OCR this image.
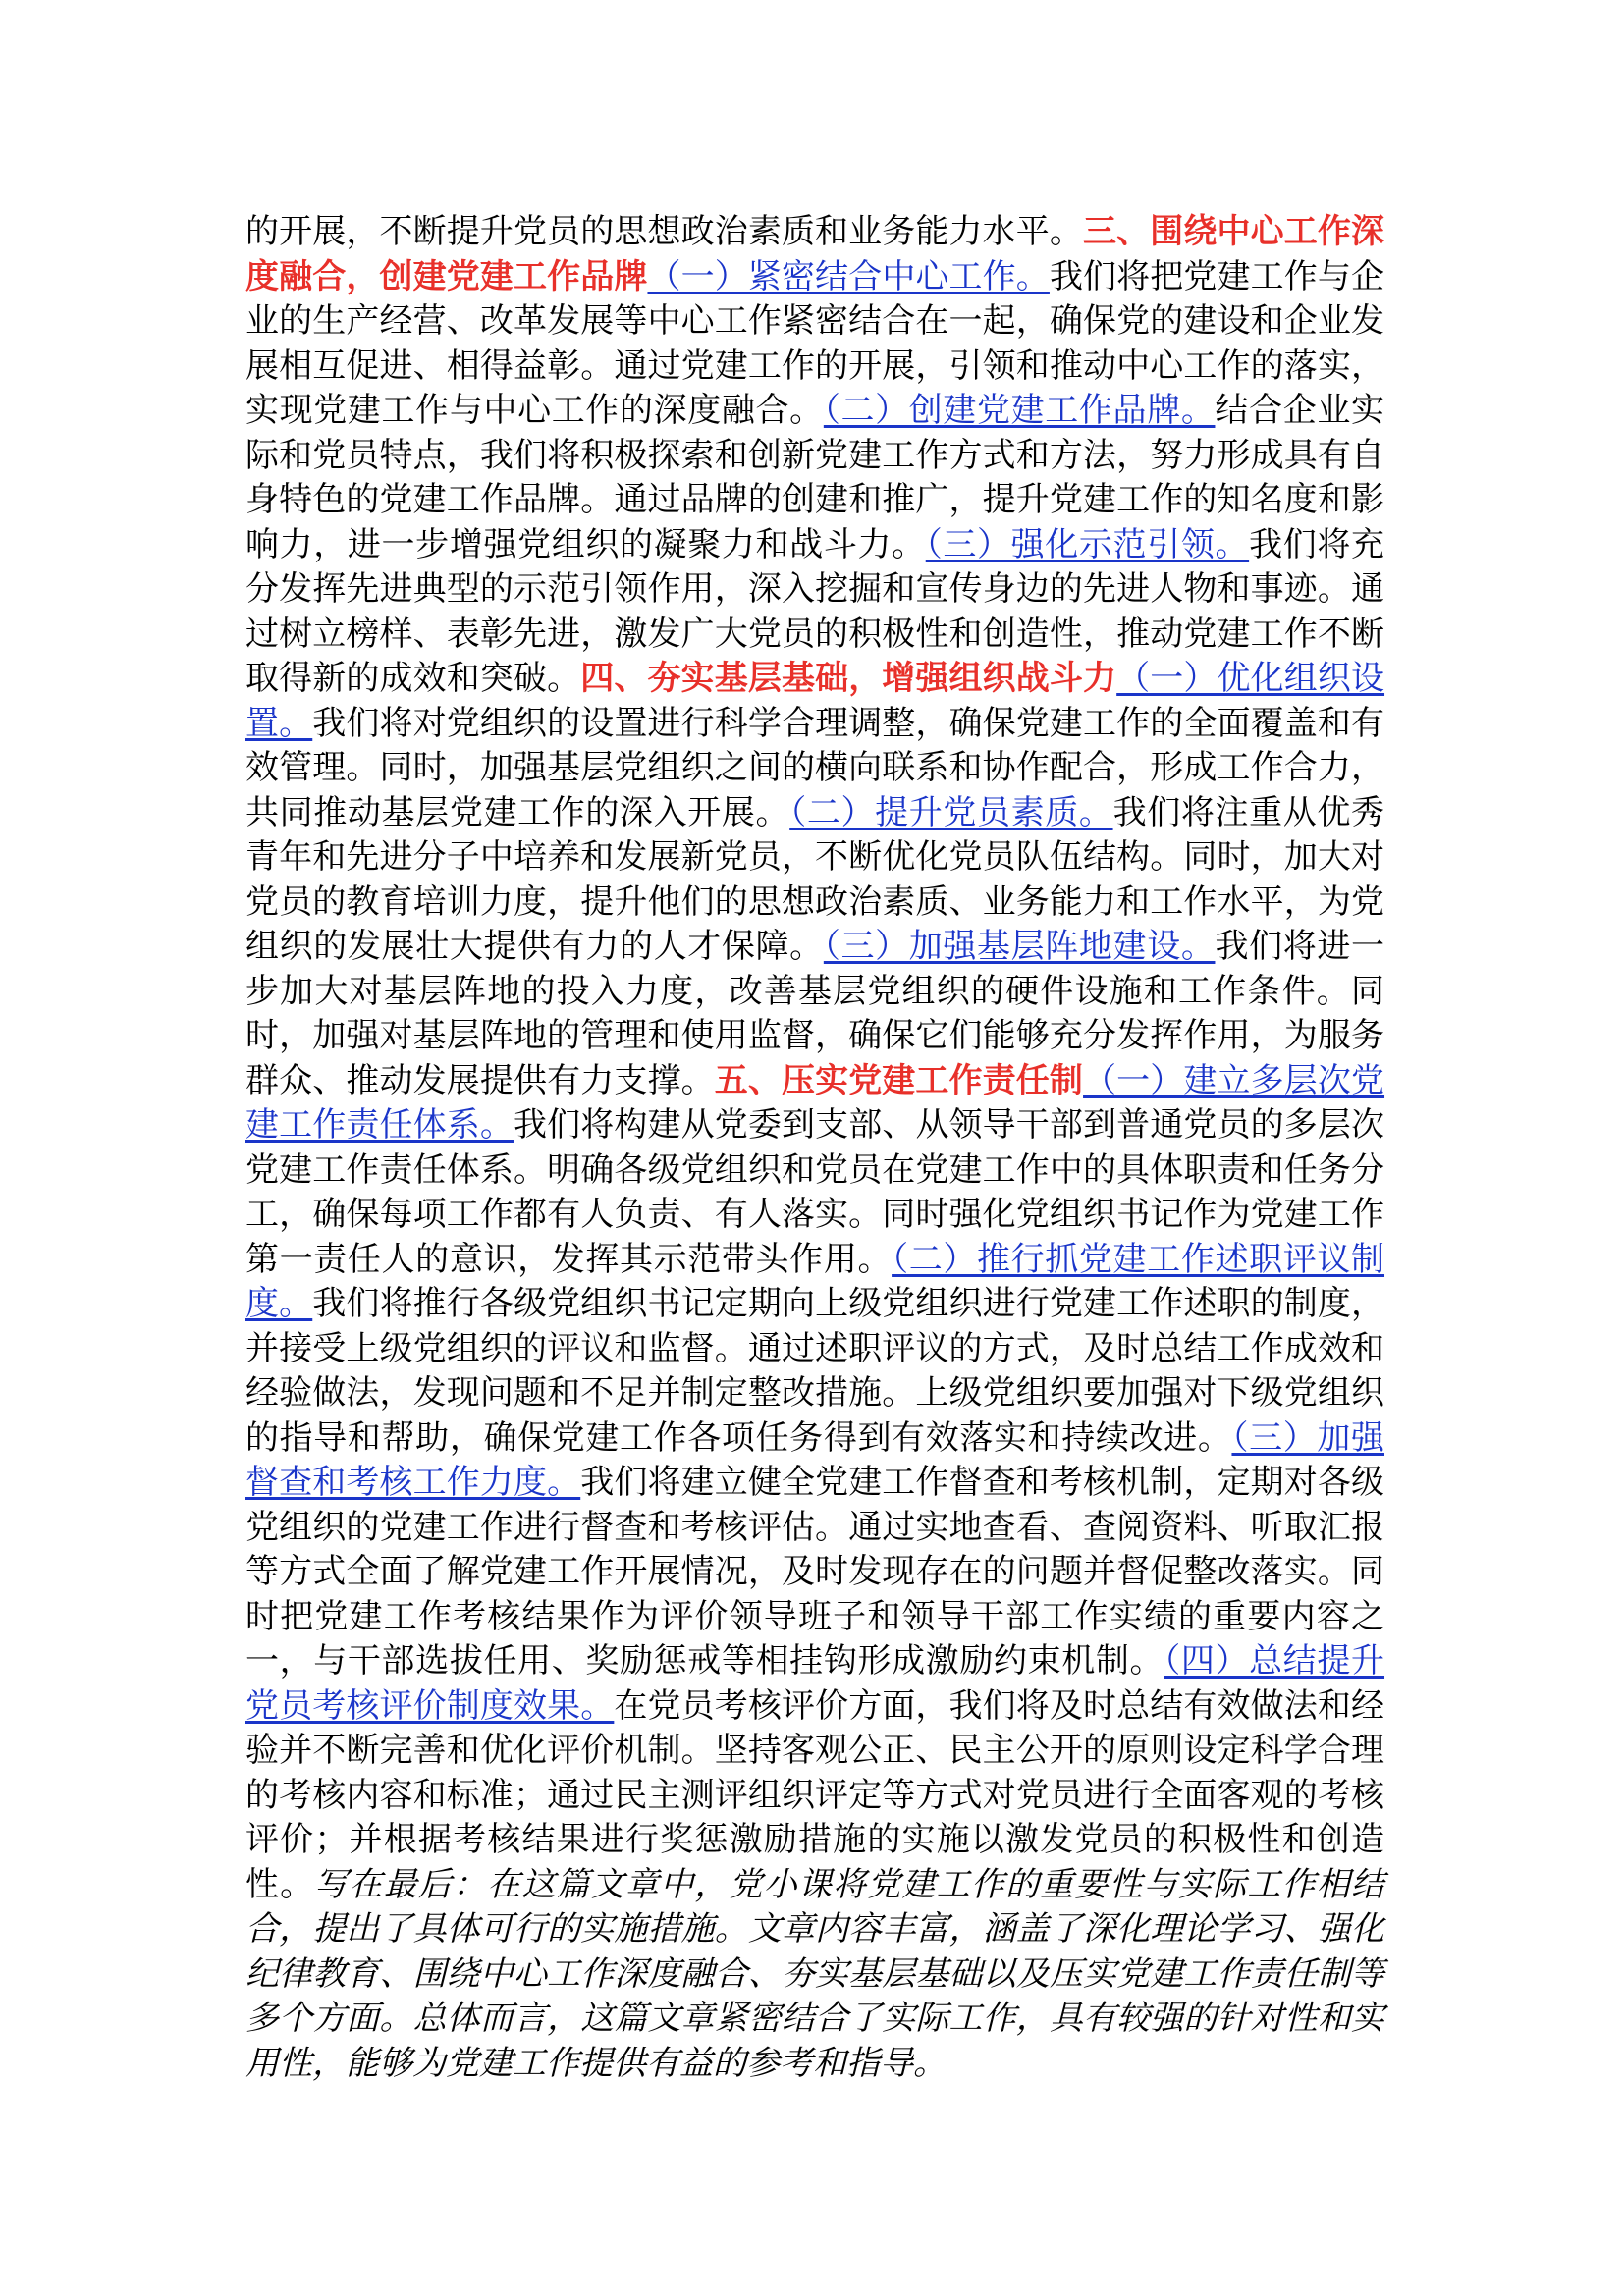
的开展，不断提升党员的思想政治素质和业务能力水平。三、围绕中心工作深度融合，创建党建工作品牌（一）紧密结合中心工作。我们将把党建工作与企业的生产经营、改革发展等中心工作紧密结合在一起，确保党的建设和企业发展相互促进、相得益彰。通过党建工作的开展，引领和推动中心工作的落实，实现党建工作与中心工作的深度融合。（二）创建党建工作品牌。结合企业实际和党员特点，我们将积极探索和创新党建工作方式和方法，努力形成具有自身特色的党建工作品牌。通过品牌的创建和推广，提升党建工作的知名度和影响力，进一步增强党组织的凝聚力和战斗力。（三）强化示范引领。我们将充分发挥先进典型的示范引领作用，深入挖掘和宣传身边的先进人物和事迹。通过树立榜样、表彰先进，激发广大党员的积极性和创造性，推动党建工作不断取得新的成效和突破。四、夯实基层基础，增强组织战斗力（一）优化组织设置。我们将对党组织的设置进行科学合理调整，确保党建工作的全面覆盖和有效管理。同时，加强基层党组织之间的横向联系和协作配合，形成工作合力，共同推动基层党建工作的深入开展。（二）提升党员素质。我们将注重从优秀青年和先进分子中培养和发展新党员，不断优化党员队伍结构。同时，加大对党员的教育培训力度，提升他们的思想政治素质、业务能力和工作水平，为党组织的发展壮大提供有力的人才保障。（三）加强基层阵地建设。我们将进一步加大对基层阵地的投入力度，改善基层党组织的硬件设施和工作条件。同时，加强对基层阵地的管理和使用监督，确保它们能够充分发挥作用，为服务群众、推动发展提供有力支撑。五、压实党建工作责任制（一）建立多层次党建工作责任体系。我们将构建从党委到支部、从领导干部到普通党员的多层次党建工作责任体系。明确各级党组织和党员在党建工作中的具体职责和任务分工，确保每项工作都有人负责、有人落实。同时强化党组织书记作为党建工作第一责任人的意识，发挥其示范带头作用。（二）推行抓党建工作述职评议制度。我们将推行各级党组织书记定期向上级党组织进行党建工作述职的制度，并接受上级党组织的评议和监督。通过述职评议的方式，及时总结工作成效和经验做法，发现问题和不足并制定整改措施。上级党组织要加强对下级党组织的指导和帮助，确保党建工作各项任务得到有效落实和持续改进。（三）加强督查和考核工作力度。我们将建立健全党建工作督查和考核机制，定期对各级党组织的党建工作进行督查和考核评估。通过实地查看、查阅资料、听取汇报等方式全面了解党建工作开展情况，及时发现存在的问题并督促整改落实。同时把党建工作考核结果作为评价领导班子和领导干部工作实绩的重要内容之一，与干部选拔任用、奖励惩戒等相挂钩形成激励约束机制。（四）总结提升党员考核评价制度效果。在党员考核评价方面，我们将及时总结有效做法和经验并不断完善和优化评价机制。坚持客观公正、民主公开的原则设定科学合理的考核内容和标准；通过民主测评组织评定等方式对党员进行全面客观的考核评价；并根据考核结果进行奖惩激励措施的实施以激发党员的积极性和创造性。写在最后：在这篇文章中，党小课将党建工作的重要性与实际工作相结合，提出了具体可行的实施措施。文章内容丰富，涵盖了深化理论学习、强化纪律教育、围绕中心工作深度融合、夯实基层基础以及压实党建工作责任制等多个方面。总体而言，这篇文章紧密结合了实际工作，具有较强的针对性和实用性，能够为党建工作提供有益的参考和指导。
